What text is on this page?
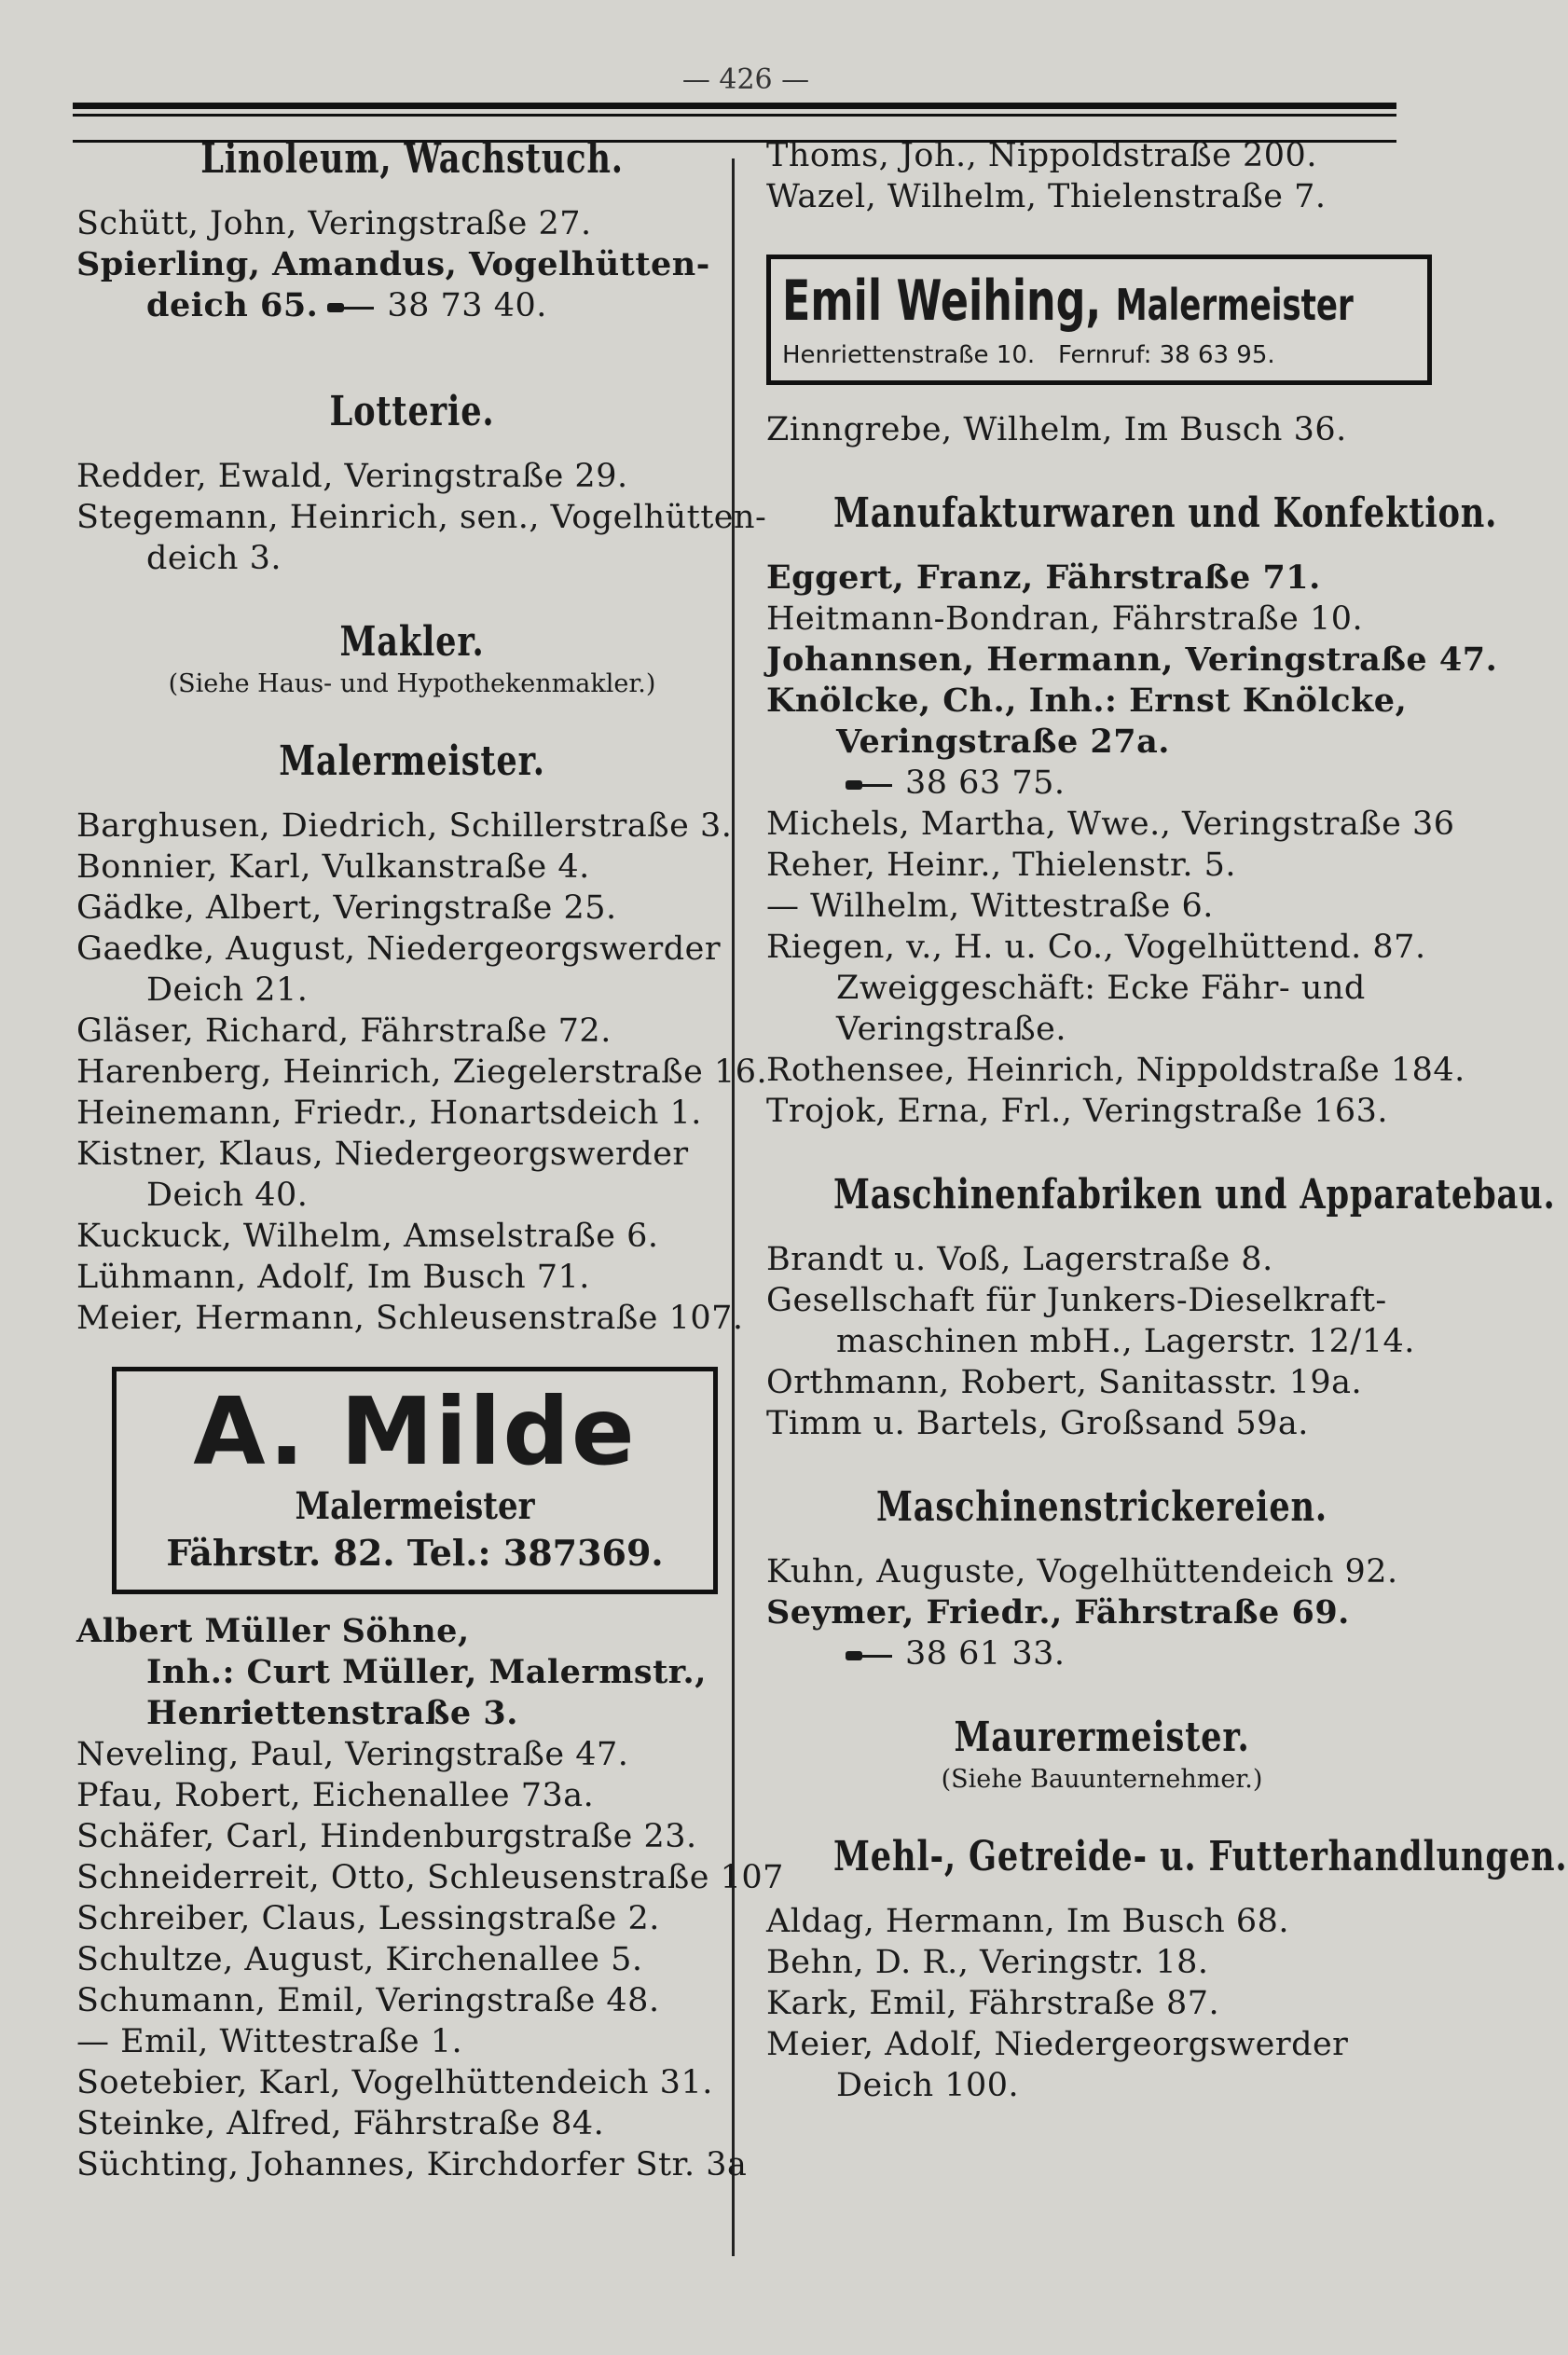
— 426 —
Linoleum, Wachstuch.
Schütt, John, Veringstraße 27.
Spierling, Amandus, Vogelhütten-
deich 65. 38 73 40.
Lotterie.
Redder, Ewald, Veringstraße 29.
Stegemann, Heinrich, sen., Vogelhütten-
deich 3.
Makler.
(Siehe Haus- und Hypothekenmakler.)
Malermeister.
Barghusen, Diedrich, Schillerstraße 3.
Bonnier, Karl, Vulkanstraße 4.
Gädke, Albert, Veringstraße 25.
Gaedke, August, Niedergeorgswerder
Deich 21.
Gläser, Richard, Fährstraße 72.
Harenberg, Heinrich, Ziegelerstraße 16.
Heinemann, Friedr., Honartsdeich 1.
Kistner, Klaus, Niedergeorgswerder
Deich 40.
Kuckuck, Wilhelm, Amselstraße 6.
Lühmann, Adolf, Im Busch 71.
Meier, Hermann, Schleusenstraße 107.
A. Milde
Malermeister
Fährstr. 82. Tel.: 387369.
Albert Müller Söhne,
Inh.: Curt Müller, Malermstr.,
Henriettenstraße 3.
Neveling, Paul, Veringstraße 47.
Pfau, Robert, Eichenallee 73a.
Schäfer, Carl, Hindenburgstraße 23.
Schneiderreit, Otto, Schleusenstraße 107
Schreiber, Claus, Lessingstraße 2.
Schultze, August, Kirchenallee 5.
Schumann, Emil, Veringstraße 48.
— Emil, Wittestraße 1.
Soetebier, Karl, Vogelhüttendeich 31.
Steinke, Alfred, Fährstraße 84.
Süchting, Johannes, Kirchdorfer Str. 3a
Thoms, Joh., Nippoldstraße 200.
Wazel, Wilhelm, Thielenstraße 7.
Emil Weihing, Malermeister
Henriettenstraße 10. Fernruf: 38 63 95.
Zinngrebe, Wilhelm, Im Busch 36.
Manufakturwaren und Konfektion.
Eggert, Franz, Fährstraße 71.
Heitmann-Bondran, Fährstraße 10.
Johannsen, Hermann, Veringstraße 47.
Knölcke, Ch., Inh.: Ernst Knölcke,
Veringstraße 27a.
38 63 75.
Michels, Martha, Wwe., Veringstraße 36
Reher, Heinr., Thielenstr. 5.
— Wilhelm, Wittestraße 6.
Riegen, v., H. u. Co., Vogelhüttend. 87.
Zweiggeschäft: Ecke Fähr- und
Veringstraße.
Rothensee, Heinrich, Nippoldstraße 184.
Trojok, Erna, Frl., Veringstraße 163.
Maschinenfabriken und Apparatebau.
Brandt u. Voß, Lagerstraße 8.
Gesellschaft für Junkers-Dieselkraft-
maschinen mbH., Lagerstr. 12/14.
Orthmann, Robert, Sanitasstr. 19a.
Timm u. Bartels, Großsand 59a.
Maschinenstrickereien.
Kuhn, Auguste, Vogelhüttendeich 92.
Seymer, Friedr., Fährstraße 69.
38 61 33.
Maurermeister.
(Siehe Bauunternehmer.)
Mehl-, Getreide- u. Futterhandlungen.
Aldag, Hermann, Im Busch 68.
Behn, D. R., Veringstr. 18.
Kark, Emil, Fährstraße 87.
Meier, Adolf, Niedergeorgswerder
Deich 100.
